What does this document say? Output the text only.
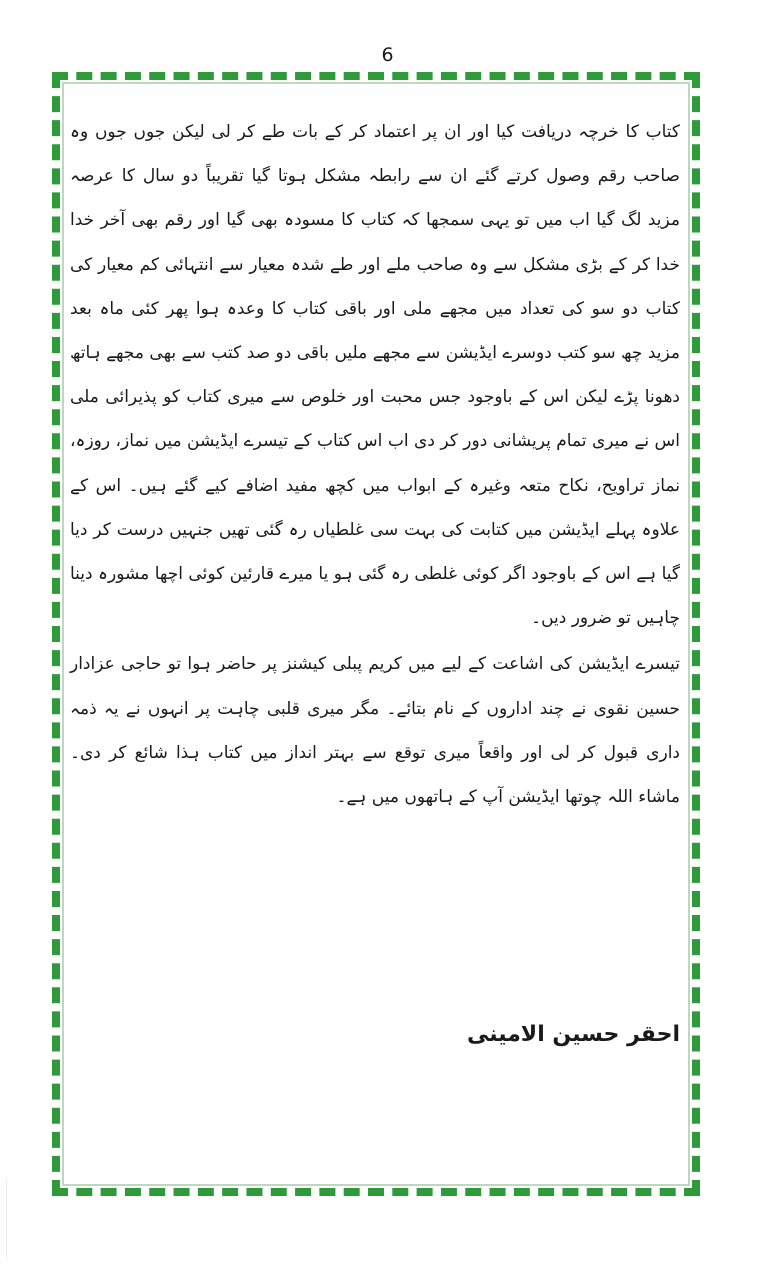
6

کتاب کا خرچہ دریافت کیا اور ان پر اعتماد کر کے بات طے کر لی لیکن جوں جوں وہ صاحب رقم وصول کرتے گئے ان سے رابطہ مشکل ہوتا گیا تقریباً دو سال کا عرصہ مزید لگ گیا اب میں تو یہی سمجھا کہ کتاب کا مسودہ بھی گیا اور رقم بھی آخر خدا خدا کر کے بڑی مشکل سے وہ صاحب ملے اور طے شدہ معیار سے انتہائی کم معیار کی کتاب دو سو کی تعداد میں مجھے ملی اور باقی کتاب کا وعدہ ہوا پھر کئی ماہ بعد مزید چھ سو کتب دوسرے ایڈیشن سے مجھے ملیں باقی دو صد کتب سے بھی مجھے ہاتھ دھونا پڑے لیکن اس کے باوجود جس محبت اور خلوص سے میری کتاب کو پذیرائی ملی اس نے میری تمام پریشانی دور کر دی اب اس کتاب کے تیسرے ایڈیشن میں نماز، روزہ، نماز تراویح، نکاح متعہ وغیرہ کے ابواب میں کچھ مفید اضافے کیے گئے ہیں۔ اس کے علاوہ پہلے ایڈیشن میں کتابت کی بہت سی غلطیاں رہ گئی تھیں جنہیں درست کر دیا گیا ہے اس کے باوجود اگر کوئی غلطی رہ گئی ہو یا میرے قارئین کوئی اچھا مشورہ دینا چاہیں تو ضرور دیں۔

تیسرے ایڈیشن کی اشاعت کے لیے میں کریم پبلی کیشنز پر حاضر ہوا تو حاجی عزادار حسین نقوی نے چند اداروں کے نام بتائے۔ مگر میری قلبی چاہت پر انہوں نے یہ ذمہ داری قبول کر لی اور واقعاً میری توقع سے بہتر انداز میں کتاب ہذا شائع کر دی۔ ماشاء اللہ چوتھا ایڈیشن آپ کے ہاتھوں میں ہے۔

احقر حسین الامینی
